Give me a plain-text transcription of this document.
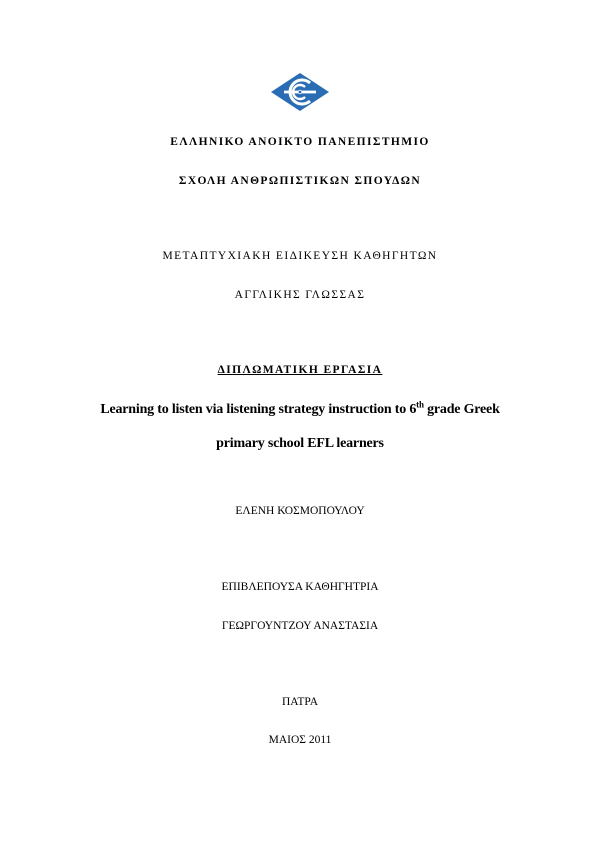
ΕΛΛΗΝΙΚΟ ΑΝΟΙΚΤΟ ΠΑΝΕΠΙΣΤΗΜΙΟ
ΣΧΟΛΗ ΑΝΘΡΩΠΙΣΤΙΚΩΝ ΣΠΟΥΔΩΝ
ΜΕΤΑΠΤΥΧΙΑΚΗ ΕΙΔΙΚΕΥΣΗ ΚΑΘΗΓΗΤΩΝ
ΑΓΓΛΙΚΗΣ ΓΛΩΣΣΑΣ
ΔΙΠΛΩΜΑΤΙΚΗ ΕΡΓΑΣΙΑ
Learning to listen via listening strategy instruction to 6th grade Greek
primary school EFL learners
ΕΛΕΝΗ ΚΟΣΜΟΠΟΥΛΟΥ
ΕΠΙΒΛΕΠΟΥΣΑ ΚΑΘΗΓΗΤΡΙΑ
ΓΕΩΡΓΟΥΝΤΖΟΥ ΑΝΑΣΤΑΣΙΑ
ΠΑΤΡΑ
ΜΑΙΟΣ 2011
